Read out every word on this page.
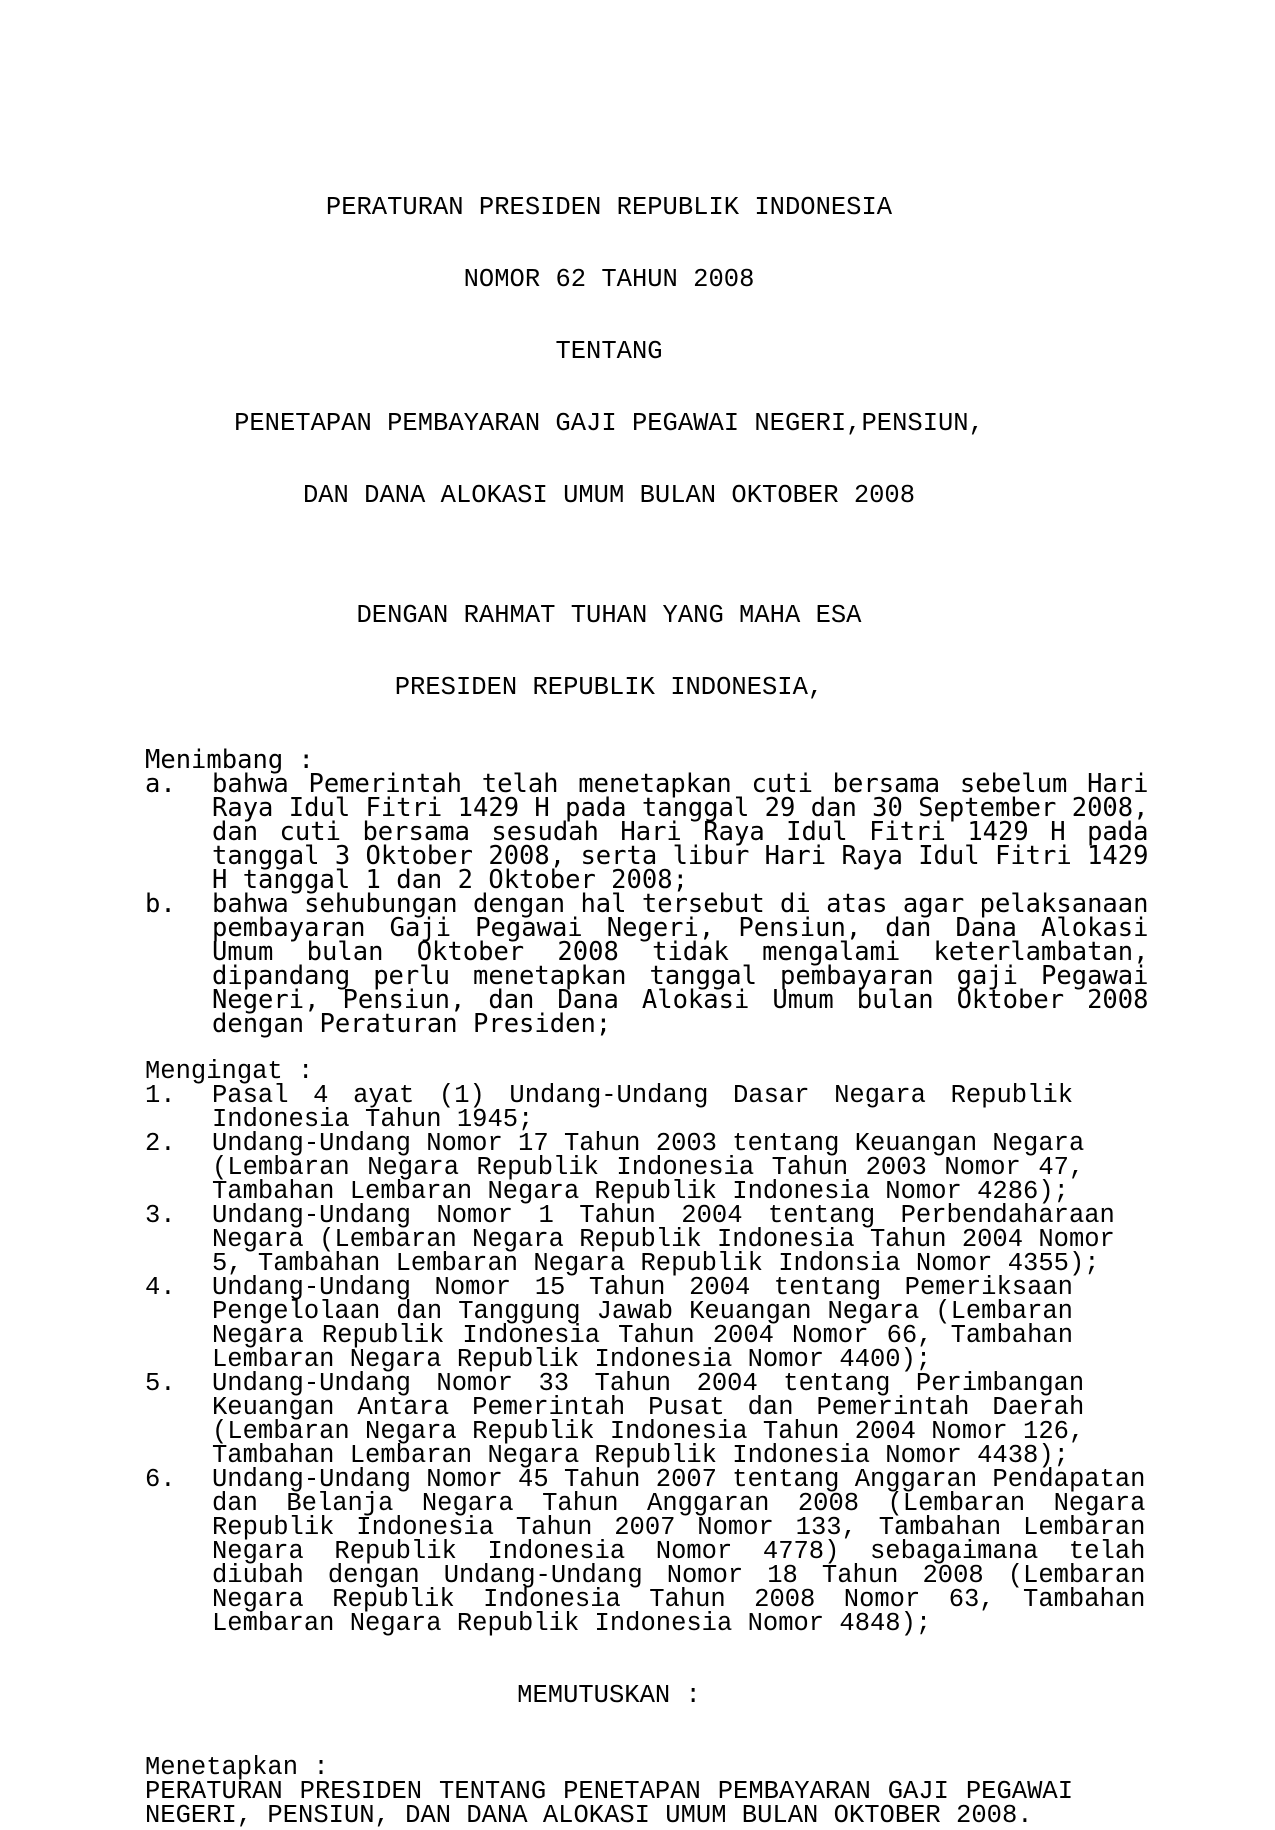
PERATURAN PRESIDEN REPUBLIK INDONESIA

NOMOR 62 TAHUN 2008

TENTANG

PENETAPAN PEMBAYARAN GAJI PEGAWAI NEGERI,PENSIUN,

DAN DANA ALOKASI UMUM BULAN OKTOBER 2008

DENGAN RAHMAT TUHAN YANG MAHA ESA
PRESIDEN REPUBLIK INDONESIA,
Menimbang :
a.	bahwa Pemerintah telah menetapkan cuti bersama sebelum Hari
Raya Idul Fitri 1429 H pada tanggal 29 dan 30 September 2008,
dan cuti bersama sesudah Hari Raya Idul Fitri 1429 H pada
tanggal 3 Oktober 2008, serta libur Hari Raya Idul Fitri 1429
H tanggal 1 dan 2 Oktober 2008;
b.	bahwa sehubungan dengan hal tersebut di atas agar pelaksanaan
pembayaran Gaji Pegawai Negeri, Pensiun, dan Dana Alokasi
Umum bulan Oktober 2008 tidak mengalami keterlambatan,
dipandang perlu menetapkan tanggal pembayaran gaji Pegawai
Negeri, Pensiun, dan Dana Alokasi Umum bulan Oktober 2008
dengan Peraturan Presiden;
Mengingat :
1.	Pasal 4 ayat (1) Undang-Undang Dasar Negara Republik
Indonesia Tahun 1945;
2.	Undang-Undang Nomor 17 Tahun 2003 tentang Keuangan Negara
(Lembaran Negara Republik Indonesia Tahun 2003 Nomor 47,
Tambahan Lembaran Negara Republik Indonesia Nomor 4286);
3.	Undang-Undang Nomor 1 Tahun 2004 tentang Perbendaharaan
Negara (Lembaran Negara Republik Indonesia Tahun 2004 Nomor
5, Tambahan Lembaran Negara Republik Indonsia Nomor 4355);
4.	Undang-Undang Nomor 15 Tahun 2004 tentang Pemeriksaan
Pengelolaan dan Tanggung Jawab Keuangan Negara (Lembaran
Negara Republik Indonesia Tahun 2004 Nomor 66, Tambahan
Lembaran Negara Republik Indonesia Nomor 4400);
5.	Undang-Undang Nomor 33 Tahun 2004 tentang Perimbangan
Keuangan Antara Pemerintah Pusat dan Pemerintah Daerah
(Lembaran Negara Republik Indonesia Tahun 2004 Nomor 126,
Tambahan Lembaran Negara Republik Indonesia Nomor 4438);
6.	Undang-Undang Nomor 45 Tahun 2007 tentang Anggaran Pendapatan
dan Belanja Negara Tahun Anggaran 2008 (Lembaran Negara
Republik Indonesia Tahun 2007 Nomor 133, Tambahan Lembaran
Negara Republik Indonesia Nomor 4778) sebagaimana telah
diubah dengan Undang-Undang Nomor 18 Tahun 2008 (Lembaran
Negara Republik Indonesia Tahun 2008 Nomor 63, Tambahan
Lembaran Negara Republik Indonesia Nomor 4848);
MEMUTUSKAN :
Menetapkan :
PERATURAN PRESIDEN TENTANG PENETAPAN PEMBAYARAN GAJI PEGAWAI
NEGERI, PENSIUN, DAN DANA ALOKASI UMUM BULAN OKTOBER 2008.
